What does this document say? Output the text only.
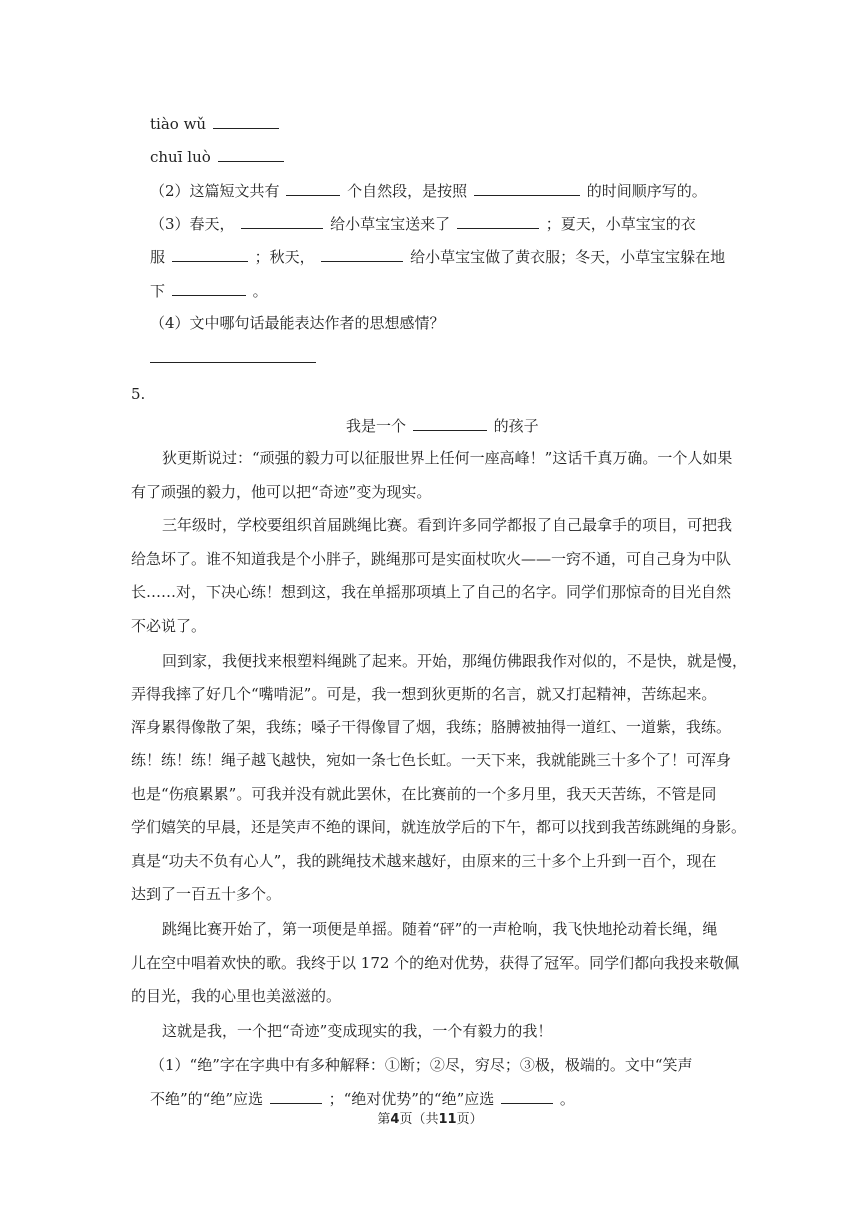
tiào wǔ
chuī luò
（2）这篇短文共有	个自然段，是按照	的时间顺序写的。
（3）春天，	给小草宝宝送来了	；夏天，小草宝宝的衣
服	；秋天，	给小草宝宝做了黄衣服；冬天，小草宝宝躲在地
下	。
（4）文中哪句话最能表达作者的思想感情？
5.
我是一个	的孩子
狄更斯说过：“顽强的毅力可以征服世界上任何一座高峰！”这话千真万确。一个人如果
有了顽强的毅力，他可以把“奇迹”变为现实。
三年级时，学校要组织首届跳绳比赛。看到许多同学都报了自己最拿手的项目，可把我
给急坏了。谁不知道我是个小胖子，跳绳那可是实面杖吹火——一窍不通，可自己身为中队
长……对，下决心练！想到这，我在单摇那项填上了自己的名字。同学们那惊奇的目光自然
不必说了。
回到家，我便找来根塑料绳跳了起来。开始，那绳仿佛跟我作对似的，不是快，就是慢，
弄得我摔了好几个“嘴啃泥”。可是，我一想到狄更斯的名言，就又打起精神，苦练起来。
浑身累得像散了架，我练；嗓子干得像冒了烟，我练；胳膊被抽得一道红、一道紫，我练。
练！练！练！绳子越飞越快，宛如一条七色长虹。一天下来，我就能跳三十多个了！可浑身
也是“伤痕累累”。可我并没有就此罢休，在比赛前的一个多月里，我天天苦练，不管是同
学们嬉笑的早晨，还是笑声不绝的课间，就连放学后的下午，都可以找到我苦练跳绳的身影。
真是“功夫不负有心人”，我的跳绳技术越来越好，由原来的三十多个上升到一百个，现在
达到了一百五十多个。
跳绳比赛开始了，第一项便是单摇。随着“砰”的一声枪响，我飞快地抡动着长绳，绳
儿在空中唱着欢快的歌。我终于以 172 个的绝对优势，获得了冠军。同学们都向我投来敬佩
的目光，我的心里也美滋滋的。
这就是我，一个把“奇迹”变成现实的我，一个有毅力的我！
（1）“绝”字在字典中有多种解释：①断；②尽，穷尽；③极，极端的。文中“笑声
不绝”的“绝”应选	；“绝对优势”的“绝”应选	。
第4页（共11页）
